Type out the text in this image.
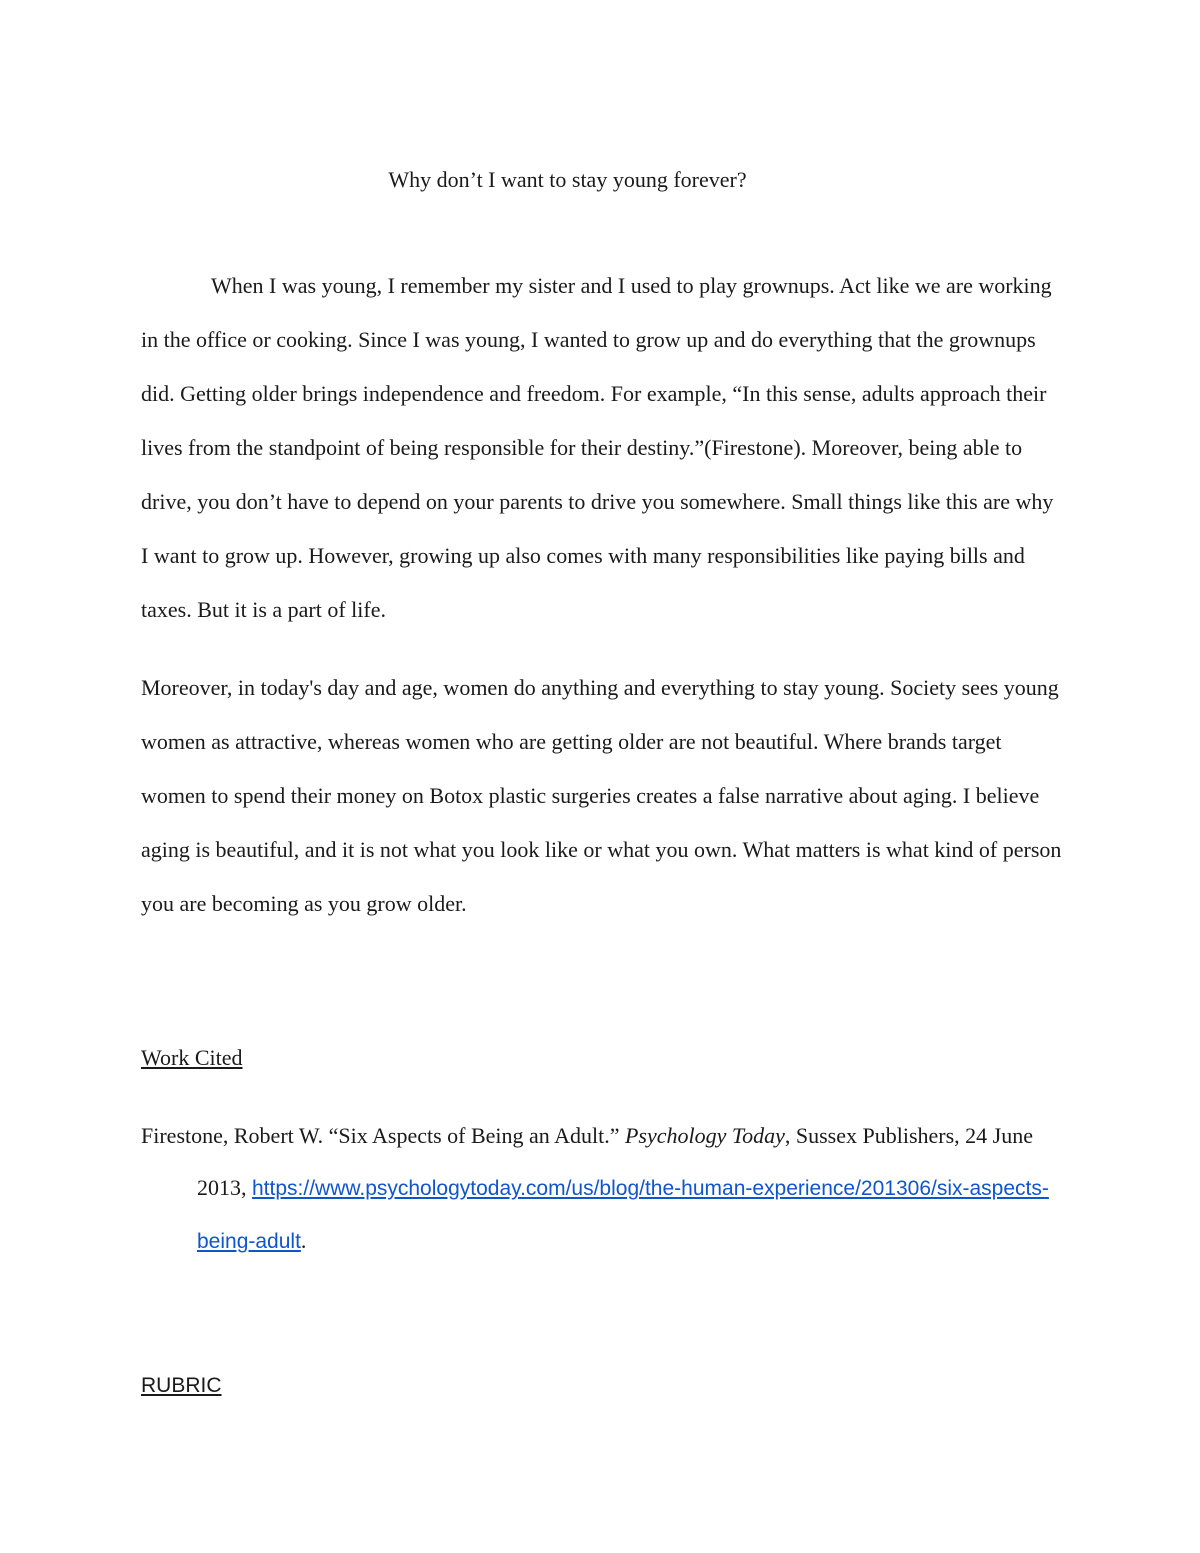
Why don’t I want to stay young forever?

When I was young, I remember my sister and I used to play grownups. Act like we are working in the office or cooking. Since I was young, I wanted to grow up and do everything that the grownups did. Getting older brings independence and freedom. For example, “In this sense, adults approach their lives from the standpoint of being responsible for their destiny.”(Firestone). Moreover, being able to drive, you don’t have to depend on your parents to drive you somewhere. Small things like this are why I want to grow up. However, growing up also comes with many responsibilities like paying bills and taxes. But it is a part of life.

Moreover, in today's day and age, women do anything and everything to stay young. Society sees young women as attractive, whereas women who are getting older are not beautiful. Where brands target women to spend their money on Botox plastic surgeries creates a false narrative about aging. I believe aging is beautiful, and it is not what you look like or what you own. What matters is what kind of person you are becoming as you grow older.

Work Cited

Firestone, Robert W. “Six Aspects of Being an Adult.” Psychology Today, Sussex Publishers, 24 June 2013, https://www.psychologytoday.com/us/blog/the-human-experience/201306/six-aspects-being-adult.

RUBRIC
